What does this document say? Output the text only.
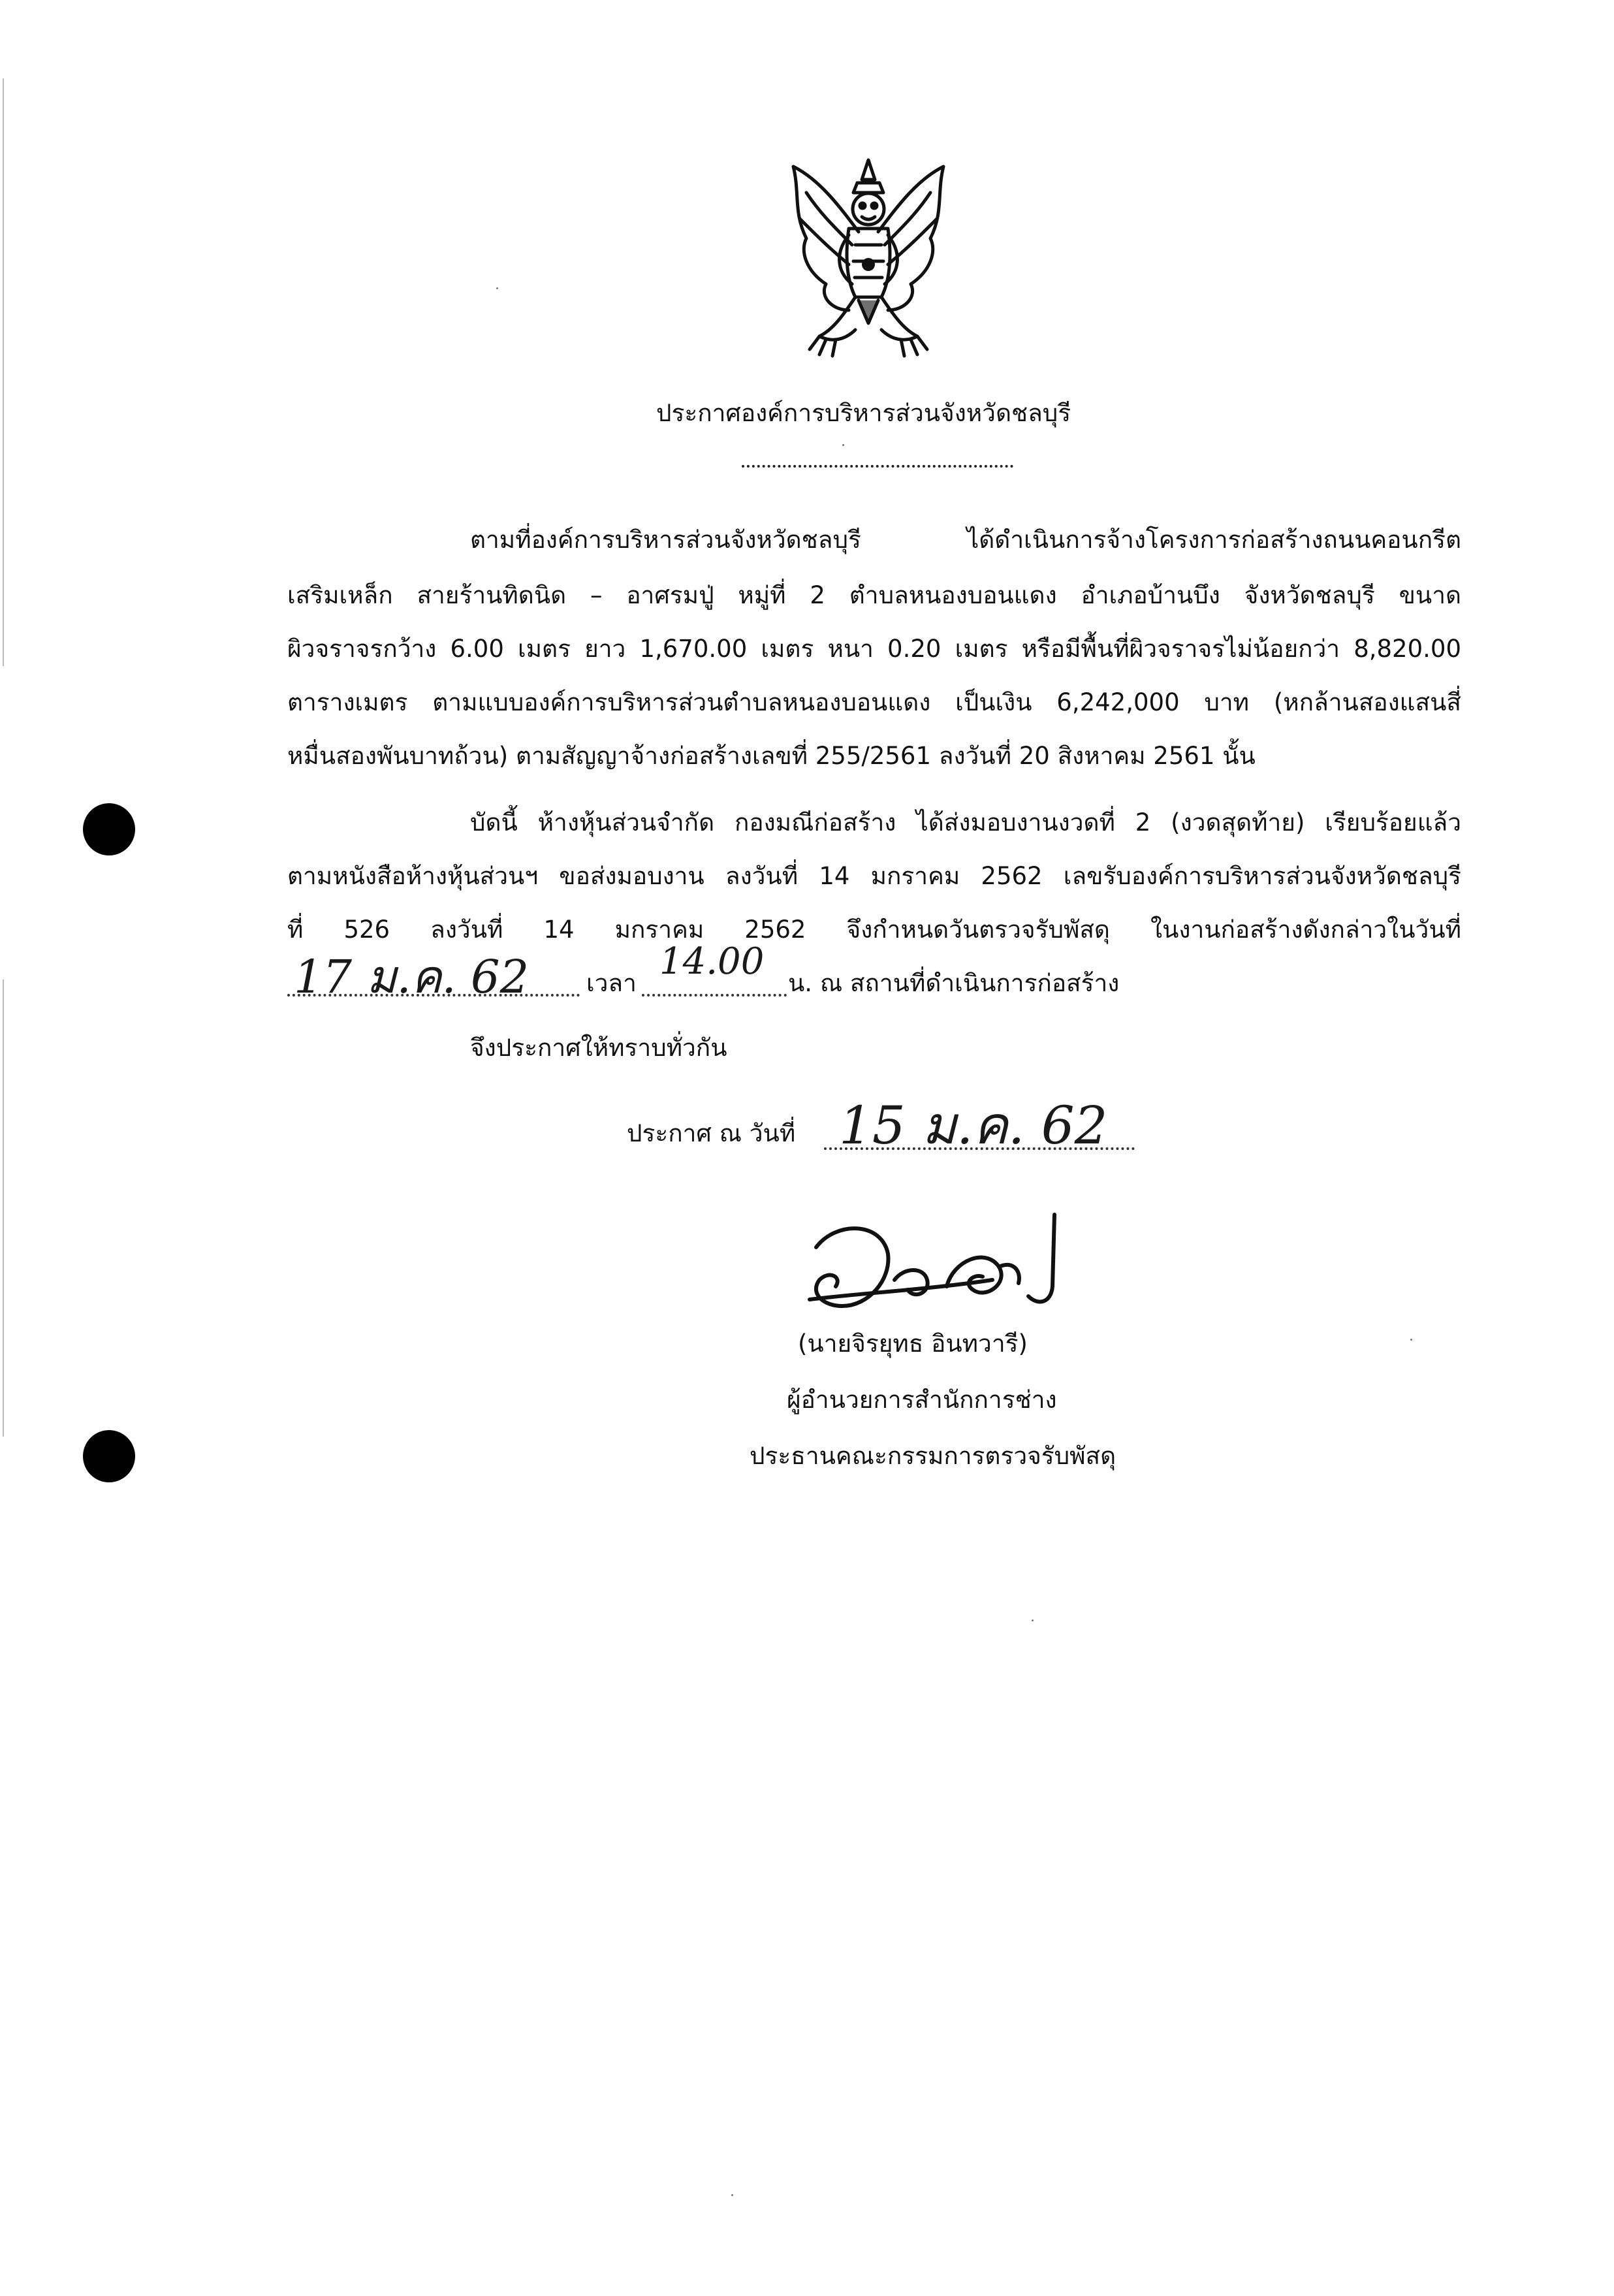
ประกาศองค์การบริหารส่วนจังหวัดชลบุรี
ตามที่องค์การบริหารส่วนจังหวัดชลบุรี ได้ดำเนินการจ้างโครงการก่อสร้างถนนคอนกรีต
เสริมเหล็ก สายร้านทิดนิด – อาศรมปู่ หมู่ที่ 2 ตำบลหนองบอนแดง อำเภอบ้านบึง จังหวัดชลบุรี ขนาด
ผิวจราจรกว้าง 6.00 เมตร ยาว 1,670.00 เมตร หนา 0.20 เมตร หรือมีพื้นที่ผิวจราจรไม่น้อยกว่า 8,820.00
ตารางเมตร ตามแบบองค์การบริหารส่วนตำบลหนองบอนแดง เป็นเงิน 6,242,000 บาท (หกล้านสองแสนสี่
หมื่นสองพันบาทถ้วน) ตามสัญญาจ้างก่อสร้างเลขที่ 255/2561 ลงวันที่ 20 สิงหาคม 2561 นั้น
บัดนี้ ห้างหุ้นส่วนจำกัด กองมณีก่อสร้าง ได้ส่งมอบงานงวดที่ 2 (งวดสุดท้าย) เรียบร้อยแล้ว
ตามหนังสือห้างหุ้นส่วนฯ ขอส่งมอบงาน ลงวันที่ 14 มกราคม 2562 เลขรับองค์การบริหารส่วนจังหวัดชลบุรี
ที่ 526 ลงวันที่ 14 มกราคม 2562 จึงกำหนดวันตรวจรับพัสดุ ในงานก่อสร้างดังกล่าวในวันที่
17 ม.ค. 62 เวลา
14.00
น. ณ สถานที่ดำเนินการก่อสร้าง
จึงประกาศให้ทราบทั่วกัน
ประกาศ ณ วันที่ 15 ม.ค. 62
(นายจิรยุทธ อินทวารี)
ผู้อำนวยการสำนักการช่าง
ประธานคณะกรรมการตรวจรับพัสดุ
